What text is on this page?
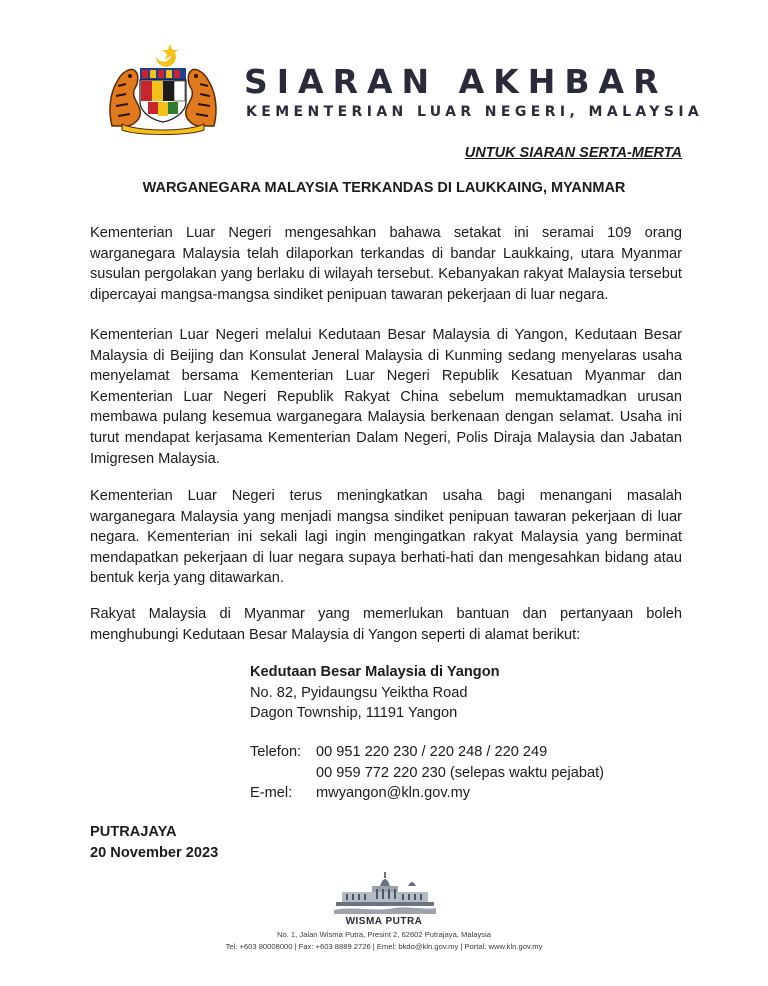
SIARAN AKHBAR

KEMENTERIAN LUAR NEGERI, MALAYSIA

UNTUK SIARAN SERTA-MERTA
WARGANEGARA MALAYSIA TERKANDAS DI LAUKKAING, MYANMAR

Kementerian Luar Negeri mengesahkan bahawa setakat ini seramai 109 orang warganegara Malaysia telah dilaporkan terkandas di bandar Laukkaing, utara Myanmar susulan pergolakan yang berlaku di wilayah tersebut. Kebanyakan rakyat Malaysia tersebut dipercayai mangsa-mangsa sindiket penipuan tawaran pekerjaan di luar negara.

Kementerian Luar Negeri melalui Kedutaan Besar Malaysia di Yangon, Kedutaan Besar Malaysia di Beijing dan Konsulat Jeneral Malaysia di Kunming sedang menyelaras usaha menyelamat bersama Kementerian Luar Negeri Republik Kesatuan Myanmar dan Kementerian Luar Negeri Republik Rakyat China sebelum memuktamadkan urusan membawa pulang kesemua warganegara Malaysia berkenaan dengan selamat. Usaha ini turut mendapat kerjasama Kementerian Dalam Negeri, Polis Diraja Malaysia dan Jabatan Imigresen Malaysia.

Kementerian Luar Negeri terus meningkatkan usaha bagi menangani masalah warganegara Malaysia yang menjadi mangsa sindiket penipuan tawaran pekerjaan di luar negara. Kementerian ini sekali lagi ingin mengingatkan rakyat Malaysia yang berminat mendapatkan pekerjaan di luar negara supaya berhati-hati dan mengesahkan bidang atau bentuk kerja yang ditawarkan.

Rakyat Malaysia di Myanmar yang memerlukan bantuan dan pertanyaan boleh menghubungi Kedutaan Besar Malaysia di Yangon seperti di alamat berikut:

Kedutaan Besar Malaysia di Yangon
No. 82, Pyidaungsu Yeiktha Road
Dagon Township, 11191 Yangon
Telefon:	00 951 220 230 / 220 248 / 220 249
00 959 772 220 230 (selepas waktu pejabat)
E-mel:	mwyangon@kln.gov.my
PUTRAJAYA
20 November 2023
WISMA PUTRA
No. 1, Jalan Wisma Putra, Presint 2, 62602 Putrajaya, Malaysia
Tel: +603 80008000 | Fax: +603 8889 2726 | Emel: bkdo@kln.gov.my | Portal: www.kln.gov.my
